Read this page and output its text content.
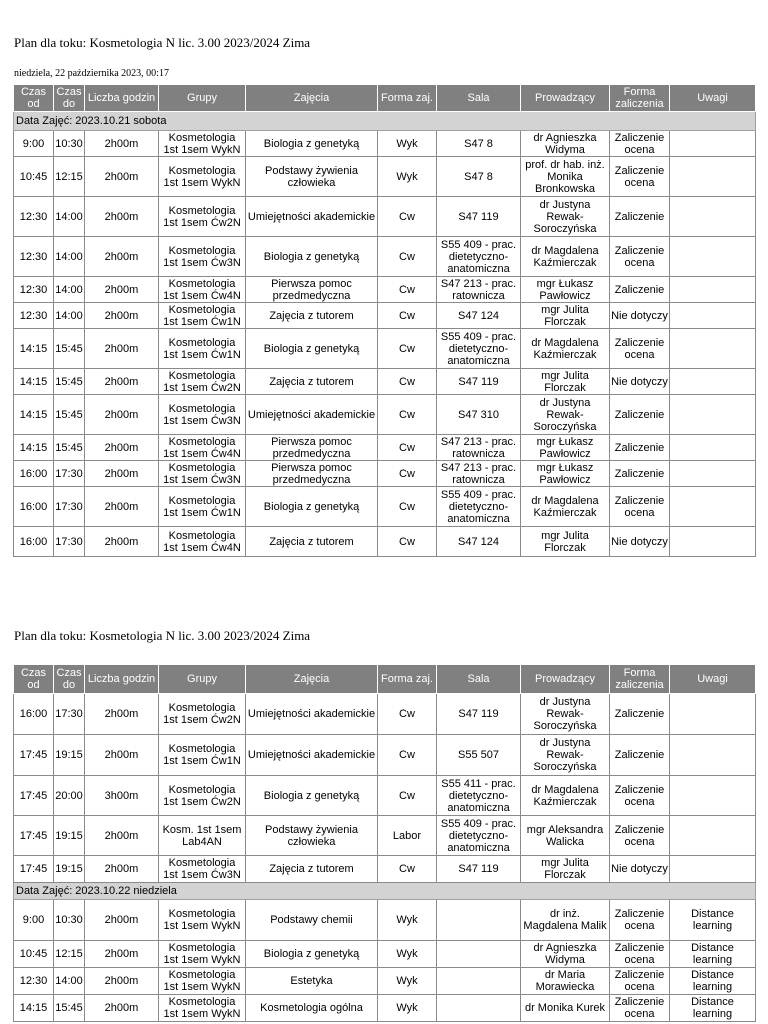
Plan dla toku: Kosmetologia N lic. 3.00 2023/2024 Zima
niedziela, 22 października 2023, 00:17
Czas od	Czas do	Liczba godzin	Grupy	Zajęcia	Forma zaj.	Sala	Prowadzący	Forma zaliczenia	Uwagi
Data Zajęć: 2023.10.21 sobota									
9:00	10:30	2h00m	Kosmetologia 1st 1sem WykN	Biologia z genetyką	Wyk	S47 8	dr Agnieszka Widyma	Zaliczenie ocena	
10:45	12:15	2h00m	Kosmetologia 1st 1sem WykN	Podstawy żywienia człowieka	Wyk	S47 8	prof. dr hab. inż. Monika Bronkowska	Zaliczenie ocena	
12:30	14:00	2h00m	Kosmetologia 1st 1sem Ćw2N	Umiejętności akademickie	Cw	S47 119	dr Justyna Rewak-Soroczyńska	Zaliczenie	
12:30	14:00	2h00m	Kosmetologia 1st 1sem Ćw3N	Biologia z genetyką	Cw	S55 409 - prac. dietetyczno-anatomiczna	dr Magdalena Kaźmierczak	Zaliczenie ocena	
12:30	14:00	2h00m	Kosmetologia 1st 1sem Ćw4N	Pierwsza pomoc przedmedyczna	Cw	S47 213 - prac. ratownicza	mgr Łukasz Pawłowicz	Zaliczenie	
12:30	14:00	2h00m	Kosmetologia 1st 1sem Ćw1N	Zajęcia z tutorem	Cw	S47 124	mgr Julita Florczak	Nie dotyczy	
14:15	15:45	2h00m	Kosmetologia 1st 1sem Ćw1N	Biologia z genetyką	Cw	S55 409 - prac. dietetyczno-anatomiczna	dr Magdalena Kaźmierczak	Zaliczenie ocena	
14:15	15:45	2h00m	Kosmetologia 1st 1sem Ćw2N	Zajęcia z tutorem	Cw	S47 119	mgr Julita Florczak	Nie dotyczy	
14:15	15:45	2h00m	Kosmetologia 1st 1sem Ćw3N	Umiejętności akademickie	Cw	S47 310	dr Justyna Rewak-Soroczyńska	Zaliczenie	
14:15	15:45	2h00m	Kosmetologia 1st 1sem Ćw4N	Pierwsza pomoc przedmedyczna	Cw	S47 213 - prac. ratownicza	mgr Łukasz Pawłowicz	Zaliczenie	
16:00	17:30	2h00m	Kosmetologia 1st 1sem Ćw3N	Pierwsza pomoc przedmedyczna	Cw	S47 213 - prac. ratownicza	mgr Łukasz Pawłowicz	Zaliczenie	
16:00	17:30	2h00m	Kosmetologia 1st 1sem Ćw1N	Biologia z genetyką	Cw	S55 409 - prac. dietetyczno-anatomiczna	dr Magdalena Kaźmierczak	Zaliczenie ocena	
16:00	17:30	2h00m	Kosmetologia 1st 1sem Ćw4N	Zajęcia z tutorem	Cw	S47 124	mgr Julita Florczak	Nie dotyczy	
Plan dla toku: Kosmetologia N lic. 3.00 2023/2024 Zima
Czas od	Czas do	Liczba godzin	Grupy	Zajęcia	Forma zaj.	Sala	Prowadzący	Forma zaliczenia	Uwagi
16:00	17:30	2h00m	Kosmetologia 1st 1sem Ćw2N	Umiejętności akademickie	Cw	S47 119	dr Justyna Rewak-Soroczyńska	Zaliczenie	
17:45	19:15	2h00m	Kosmetologia 1st 1sem Ćw1N	Umiejętności akademickie	Cw	S55 507	dr Justyna Rewak-Soroczyńska	Zaliczenie	
17:45	20:00	3h00m	Kosmetologia 1st 1sem Ćw2N	Biologia z genetyką	Cw	S55 411 - prac. dietetyczno-anatomiczna	dr Magdalena Kaźmierczak	Zaliczenie ocena	
17:45	19:15	2h00m	Kosm. 1st 1sem Lab4AN	Podstawy żywienia człowieka	Labor	S55 409 - prac. dietetyczno-anatomiczna	mgr Aleksandra Walicka	Zaliczenie ocena	
17:45	19:15	2h00m	Kosmetologia 1st 1sem Ćw3N	Zajęcia z tutorem	Cw	S47 119	mgr Julita Florczak	Nie dotyczy	
Data Zajęć: 2023.10.22 niedziela									
9:00	10:30	2h00m	Kosmetologia 1st 1sem WykN	Podstawy chemii	Wyk		dr inż. Magdalena Malik	Zaliczenie ocena	Distance learning
10:45	12:15	2h00m	Kosmetologia 1st 1sem WykN	Biologia z genetyką	Wyk		dr Agnieszka Widyma	Zaliczenie ocena	Distance learning
12:30	14:00	2h00m	Kosmetologia 1st 1sem WykN	Estetyka	Wyk		dr Maria Morawiecka	Zaliczenie ocena	Distance learning
14:15	15:45	2h00m	Kosmetologia 1st 1sem WykN	Kosmetologia ogólna	Wyk		dr Monika Kurek	Zaliczenie ocena	Distance learning
